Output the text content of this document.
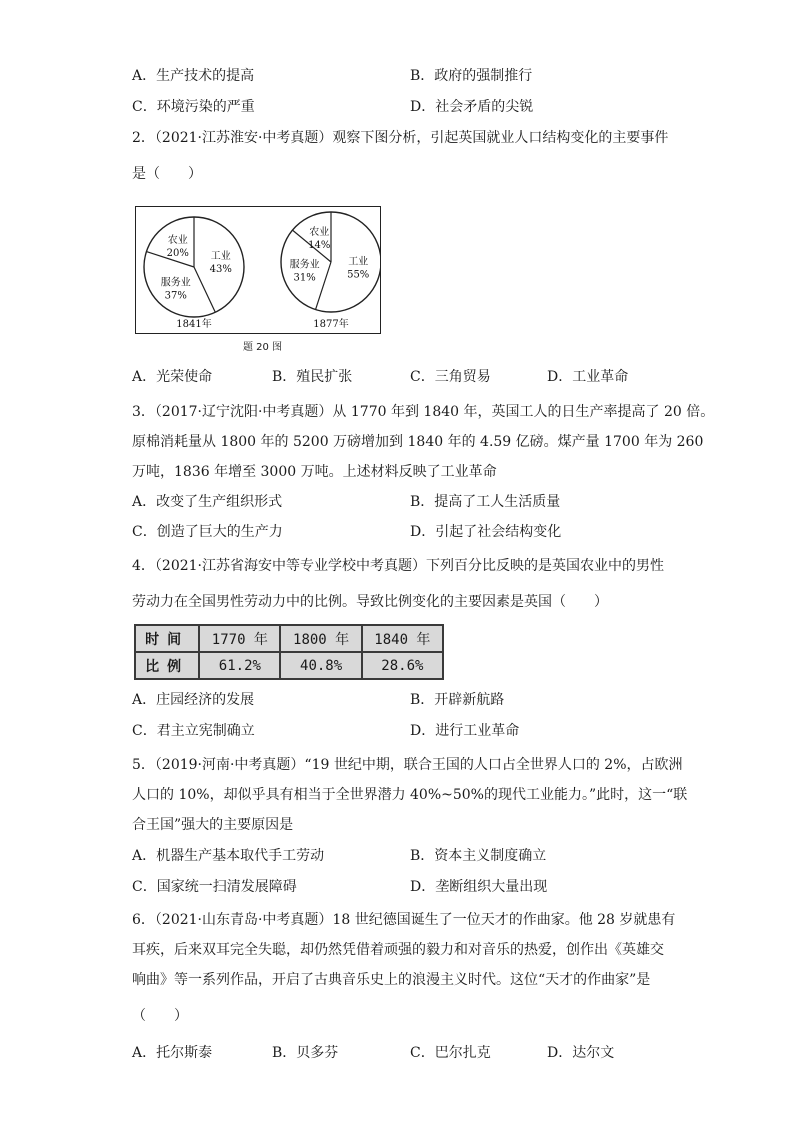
A．生产技术的提高	B．政府的强制推行
C．环境污染的严重	D．社会矛盾的尖锐
2．（2021·江苏淮安·中考真题）观察下图分析，引起英国就业人口结构变化的主要事件
是（　　）
农业
20% 工业
43%
服务业
37%
1841年
农业
14%
工业
55%
服务业
31%
1877年
题 20 图
A．光荣使命	B．殖民扩张	C．三角贸易	D．工业革命
3．（2017·辽宁沈阳·中考真题）从 1770 年到 1840 年，英国工人的日生产率提高了 20 倍。
原棉消耗量从 1800 年的 5200 万磅增加到 1840 年的 4.59 亿磅。煤产量 1700 年为 260
万吨，1836 年增至 3000 万吨。上述材料反映了工业革命
A．改变了生产组织形式	B．提高了工人生活质量
C．创造了巨大的生产力	D．引起了社会结构变化
4．（2021·江苏省海安中等专业学校中考真题）下列百分比反映的是英国农业中的男性
劳动力在全国男性劳动力中的比例。导致比例变化的主要因素是英国（　　）
时间	1770 年	1800 年	1840 年
比例	61.2%	40.8%	28.6%
A．庄园经济的发展	B．开辟新航路
C．君主立宪制确立	D．进行工业革命
5．（2019·河南·中考真题）“19 世纪中期，联合王国的人口占全世界人口的 2%，占欧洲
人口的 10%，却似乎具有相当于全世界潜力 40%~50%的现代工业能力。”此时，这一“联
合王国”强大的主要原因是
A．机器生产基本取代手工劳动	B．资本主义制度确立
C．国家统一扫清发展障碍	D．垄断组织大量出现
6．（2021·山东青岛·中考真题）18 世纪德国诞生了一位天才的作曲家。他 28 岁就患有
耳疾，后来双耳完全失聪，却仍然凭借着顽强的毅力和对音乐的热爱，创作出《英雄交
响曲》等一系列作品，开启了古典音乐史上的浪漫主义时代。这位“天才的作曲家”是
（　　）
A．托尔斯泰	B．贝多芬	C．巴尔扎克	D．达尔文
